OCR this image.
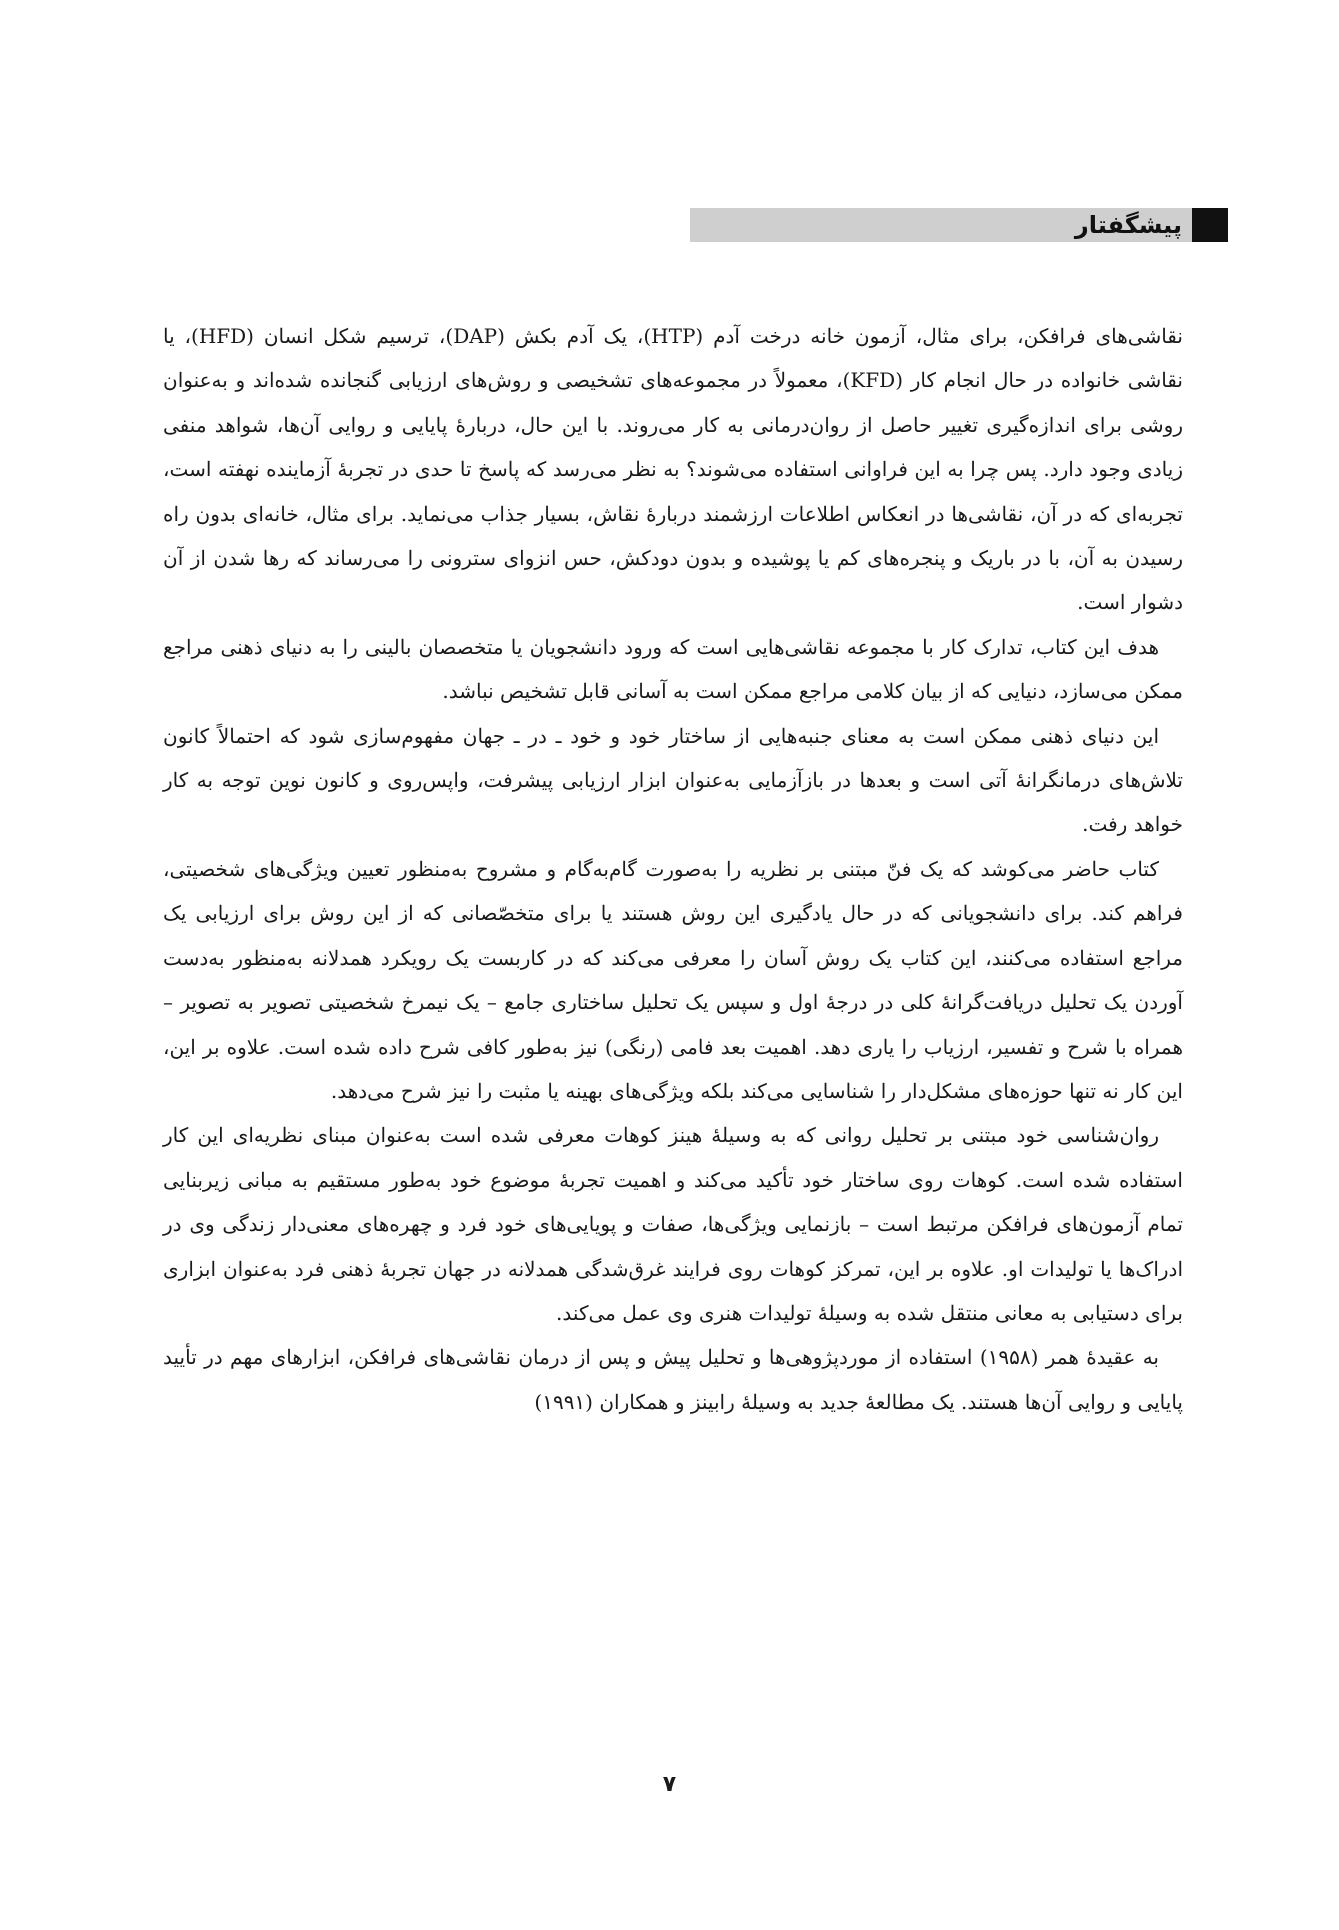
پیشگفتار

نقاشی‌های فرافکن، برای مثال، آزمون خانه درخت آدم (HTP)، یک آدم بکش (DAP)، ترسیم شکل انسان (HFD)، یا نقاشی خانواده در حال انجام کار (KFD)، معمولاً در مجموعه‌های تشخیصی و روش‌های ارزیابی گنجانده شده‌اند و به‌عنوان روشی برای اندازه‌گیری تغییر حاصل از روان‌درمانی به کار می‌روند. با این حال، دربارهٔ پایایی و روایی آن‌ها، شواهد منفی زیادی وجود دارد. پس چرا به این فراوانی استفاده می‌شوند؟ به نظر می‌رسد که پاسخ تا حدی در تجربهٔ آزماینده نهفته است، تجربه‌ای که در آن، نقاشی‌ها در انعکاس اطلاعات ارزشمند دربارهٔ نقاش، بسیار جذاب می‌نماید. برای مثال، خانه‌ای بدون راه رسیدن به آن، با در باریک و پنجره‌های کم یا پوشیده و بدون دودکش، حس انزوای سترونی را می‌رساند که رها شدن از آن دشوار است.

هدف این کتاب، تدارک کار با مجموعه نقاشی‌هایی است که ورود دانشجویان یا متخصصان بالینی را به دنیای ذهنی مراجع ممکن می‌سازد، دنیایی که از بیان کلامی مراجع ممکن است به آسانی قابل تشخیص نباشد.

این دنیای ذهنی ممکن است به معنای جنبه‌هایی از ساختار خود و خود ـ در ـ جهان مفهوم‌سازی شود که احتمالاً کانون تلاش‌های درمانگرانهٔ آتی است و بعدها در بازآزمایی به‌عنوان ابزار ارزیابی پیشرفت، واپس‌روی و کانون نوین توجه به کار خواهد رفت.

کتاب حاضر می‌کوشد که یک فنّ مبتنی بر نظریه را به‌صورت گام‌به‌گام و مشروح به‌منظور تعیین ویژگی‌های شخصیتی، فراهم کند. برای دانشجویانی که در حال یادگیری این روش هستند یا برای متخصّصانی که از این روش برای ارزیابی یک مراجع استفاده می‌کنند، این کتاب یک روش آسان را معرفی می‌کند که در کاربست یک رویکرد همدلانه به‌منظور به‌دست آوردن یک تحلیل دریافت‌گرانهٔ کلی در درجهٔ اول و سپس یک تحلیل ساختاری جامع – یک نیمرخ شخصیتی تصویر به تصویر – همراه با شرح و تفسیر، ارزیاب را یاری دهد. اهمیت بعد فامی (رنگی) نیز به‌طور کافی شرح داده شده است. علاوه بر این، این کار نه تنها حوزه‌های مشکل‌دار را شناسایی می‌کند بلکه ویژگی‌های بهینه یا مثبت را نیز شرح می‌دهد.

روان‌شناسی خود مبتنی بر تحلیل روانی که به وسیلهٔ هینز کوهات معرفی شده است به‌عنوان مبنای نظریه‌ای این کار استفاده شده است. کوهات روی ساختار خود تأکید می‌کند و اهمیت تجربهٔ موضوع خود به‌طور مستقیم به مبانی زیربنایی تمام آزمون‌های فرافکن مرتبط است – بازنمایی ویژگی‌ها، صفات و پویایی‌های خود فرد و چهره‌های معنی‌دار زندگی وی در ادراک‌ها یا تولیدات او. علاوه بر این، تمرکز کوهات روی فرایند غرق‌شدگی همدلانه در جهان تجربهٔ ذهنی فرد به‌عنوان ابزاری برای دستیابی به معانی منتقل شده به وسیلهٔ تولیدات هنری وی عمل می‌کند.

به عقیدهٔ همر (۱۹۵۸) استفاده از موردپژوهی‌ها و تحلیل پیش و پس از درمان نقاشی‌های فرافکن، ابزارهای مهم در تأیید پایایی و روایی آن‌ها هستند. یک مطالعهٔ جدید به وسیلهٔ رابینز و همکاران (۱۹۹۱)

۷
